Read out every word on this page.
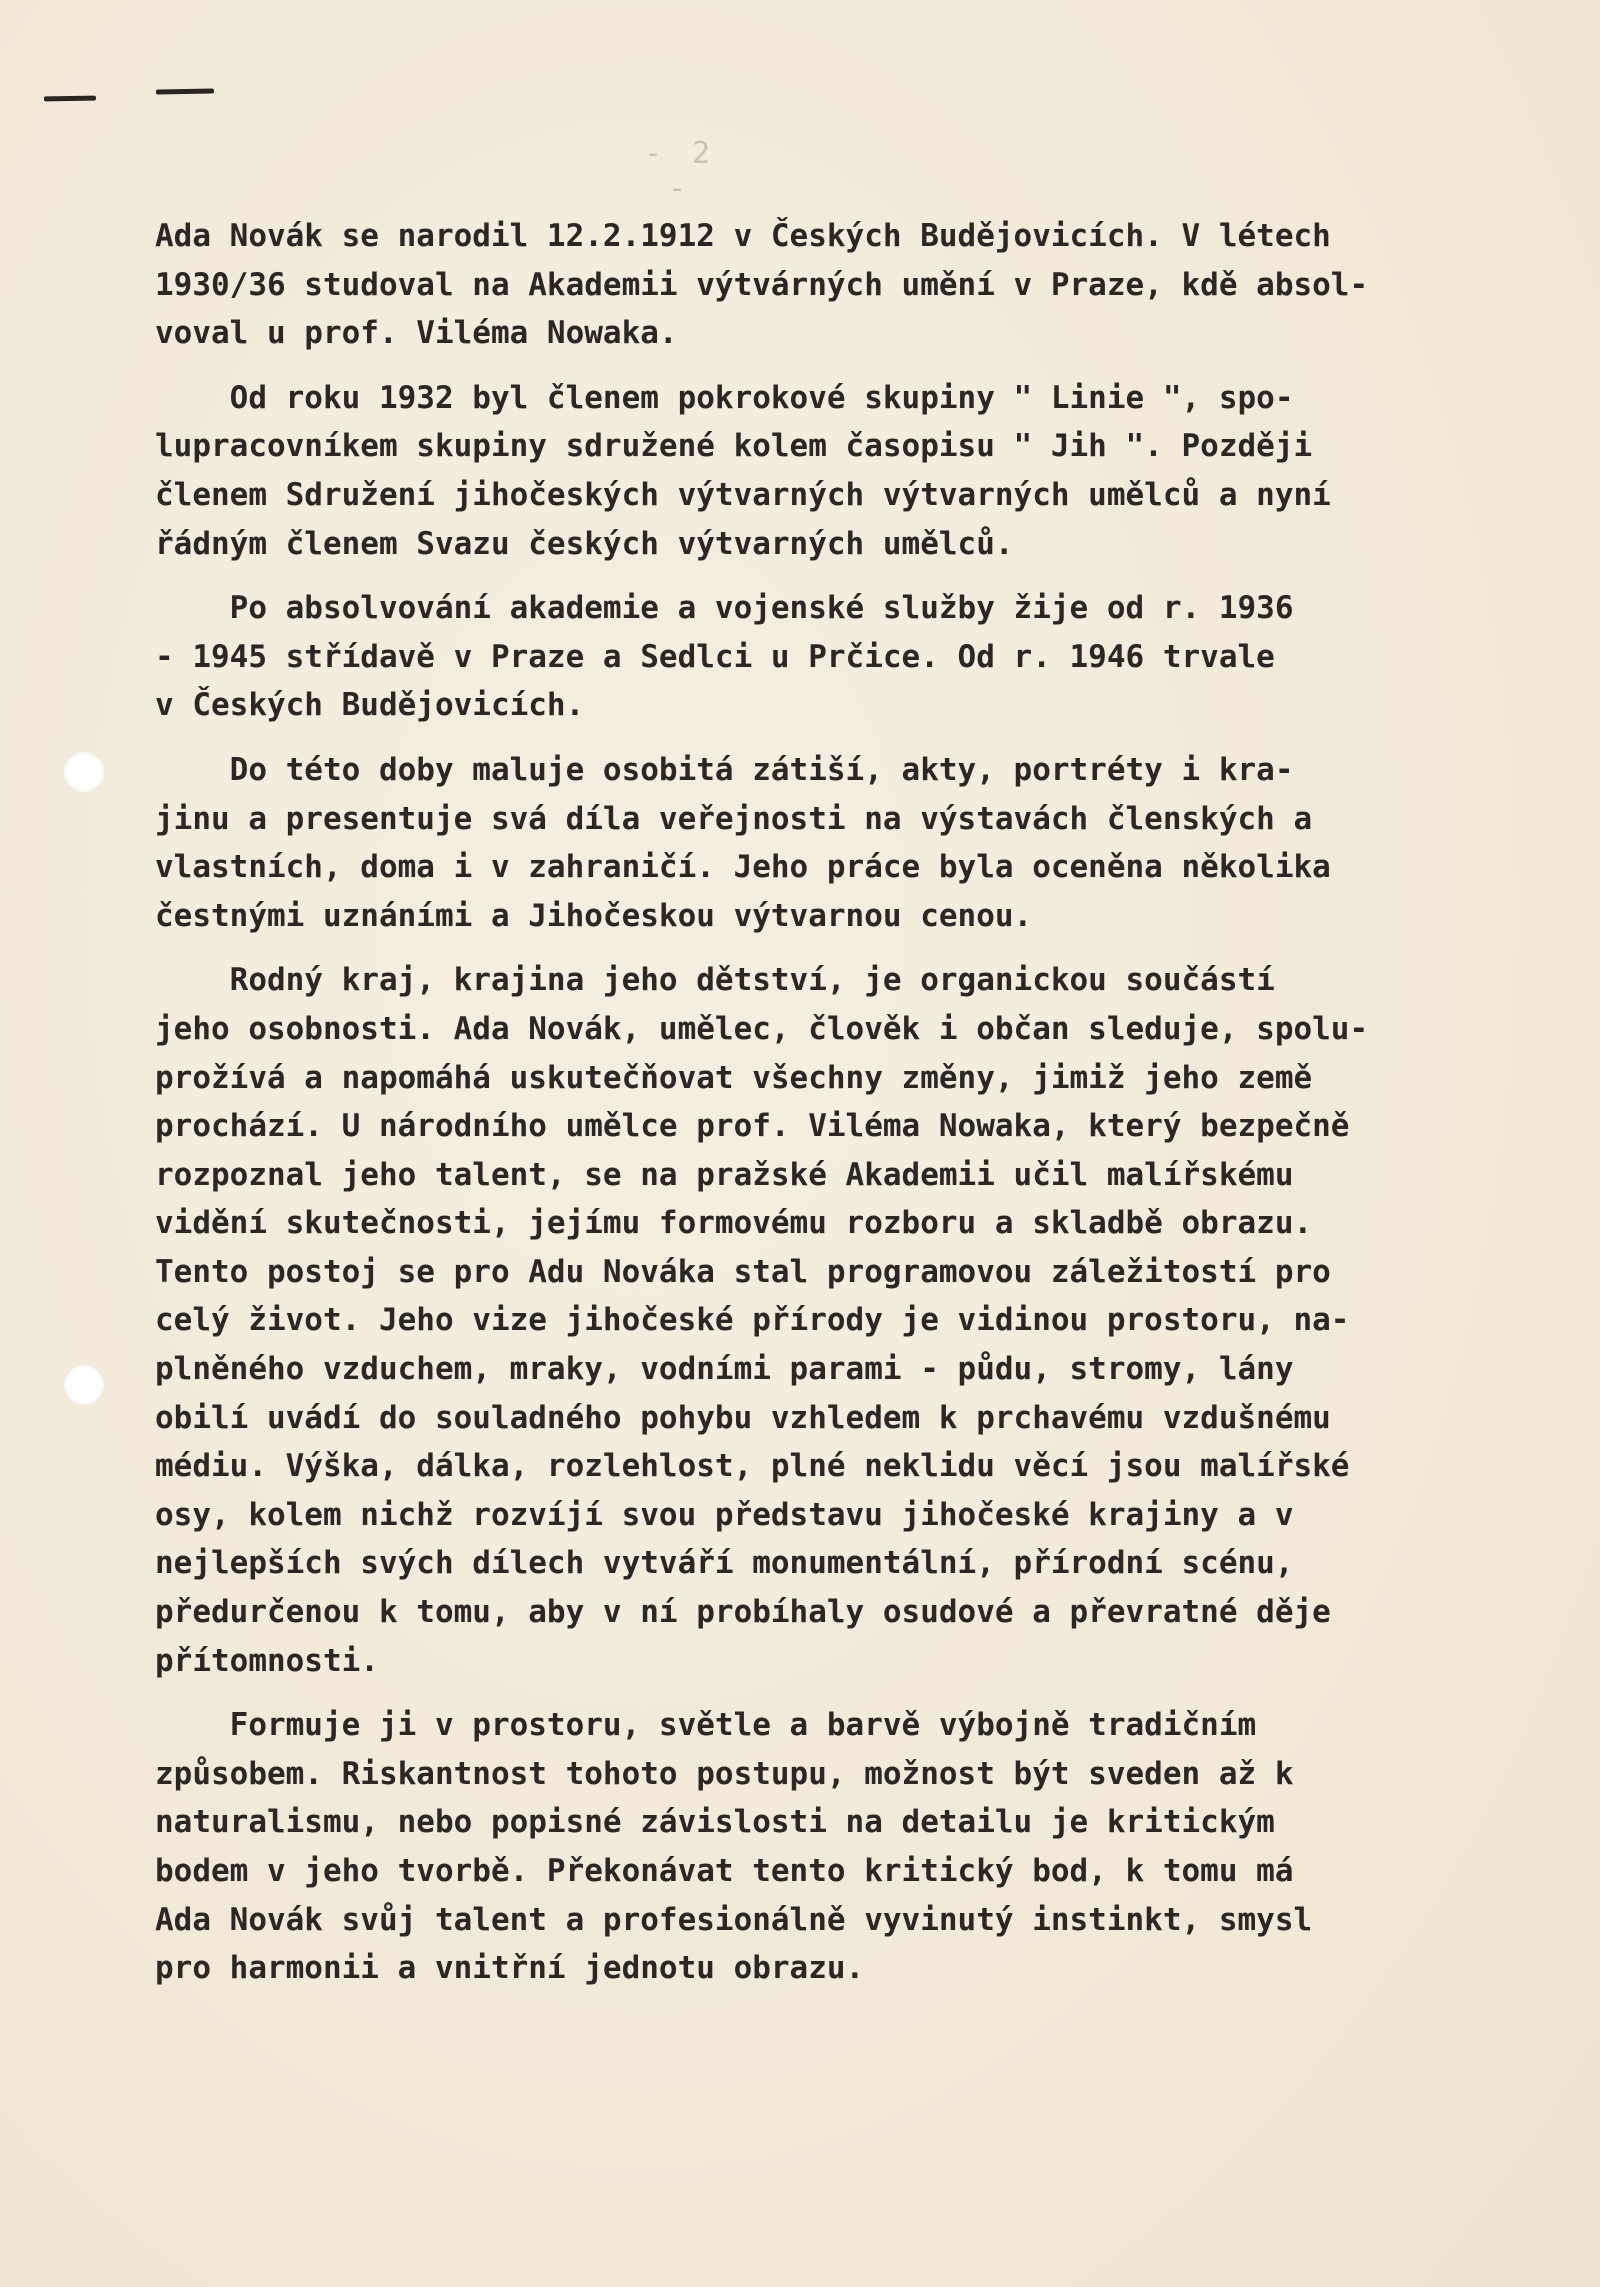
- 2 -
Ada Novák se narodil 12.2.1912 v Českých Budějovicích. V létech
1930/36 studoval na Akademii výtvárných umění v Praze, kdě absol-
voval u prof. Viléma Nowaka.
Od roku 1932 byl členem pokrokové skupiny " Linie ", spo-
lupracovníkem skupiny sdružené kolem časopisu " Jih ". Později
členem Sdružení jihočeských výtvarných výtvarných umělců a nyní
řádným členem Svazu českých výtvarných umělců.
Po absolvování akademie a vojenské služby žije od r. 1936
- 1945 střídavě v Praze a Sedlci u Prčice. Od r. 1946 trvale
v Českých Budějovicích.
Do této doby maluje osobitá zátiší, akty, portréty i kra-
jinu a presentuje svá díla veřejnosti na výstavách členských a
vlastních, doma i v zahraničí. Jeho práce byla oceněna několika
čestnými uznáními a Jihočeskou výtvarnou cenou.
Rodný kraj, krajina jeho dětství, je organickou součástí
jeho osobnosti. Ada Novák, umělec, člověk i občan sleduje, spolu-
prožívá a napomáhá uskutečňovat všechny změny, jimiž jeho země
prochází. U národního umělce prof. Viléma Nowaka, který bezpečně
rozpoznal jeho talent, se na pražské Akademii učil malířskému
vidění skutečnosti, jejímu formovému rozboru a skladbě obrazu.
Tento postoj se pro Adu Nováka stal programovou záležitostí pro
celý život. Jeho vize jihočeské přírody je vidinou prostoru, na-
plněného vzduchem, mraky, vodními parami - půdu, stromy, lány
obilí uvádí do souladného pohybu vzhledem k prchavému vzdušnému
médiu. Výška, dálka, rozlehlost, plné neklidu věcí jsou malířské
osy, kolem nichž rozvíjí svou představu jihočeské krajiny a v
nejlepších svých dílech vytváří monumentální, přírodní scénu,
předurčenou k tomu, aby v ní probíhaly osudové a převratné děje
přítomnosti.
Formuje ji v prostoru, světle a barvě výbojně tradičním
způsobem. Riskantnost tohoto postupu, možnost být sveden až k
naturalismu, nebo popisné závislosti na detailu je kritickým
bodem v jeho tvorbě. Překonávat tento kritický bod, k tomu má
Ada Novák svůj talent a profesionálně vyvinutý instinkt, smysl
pro harmonii a vnitřní jednotu obrazu.
